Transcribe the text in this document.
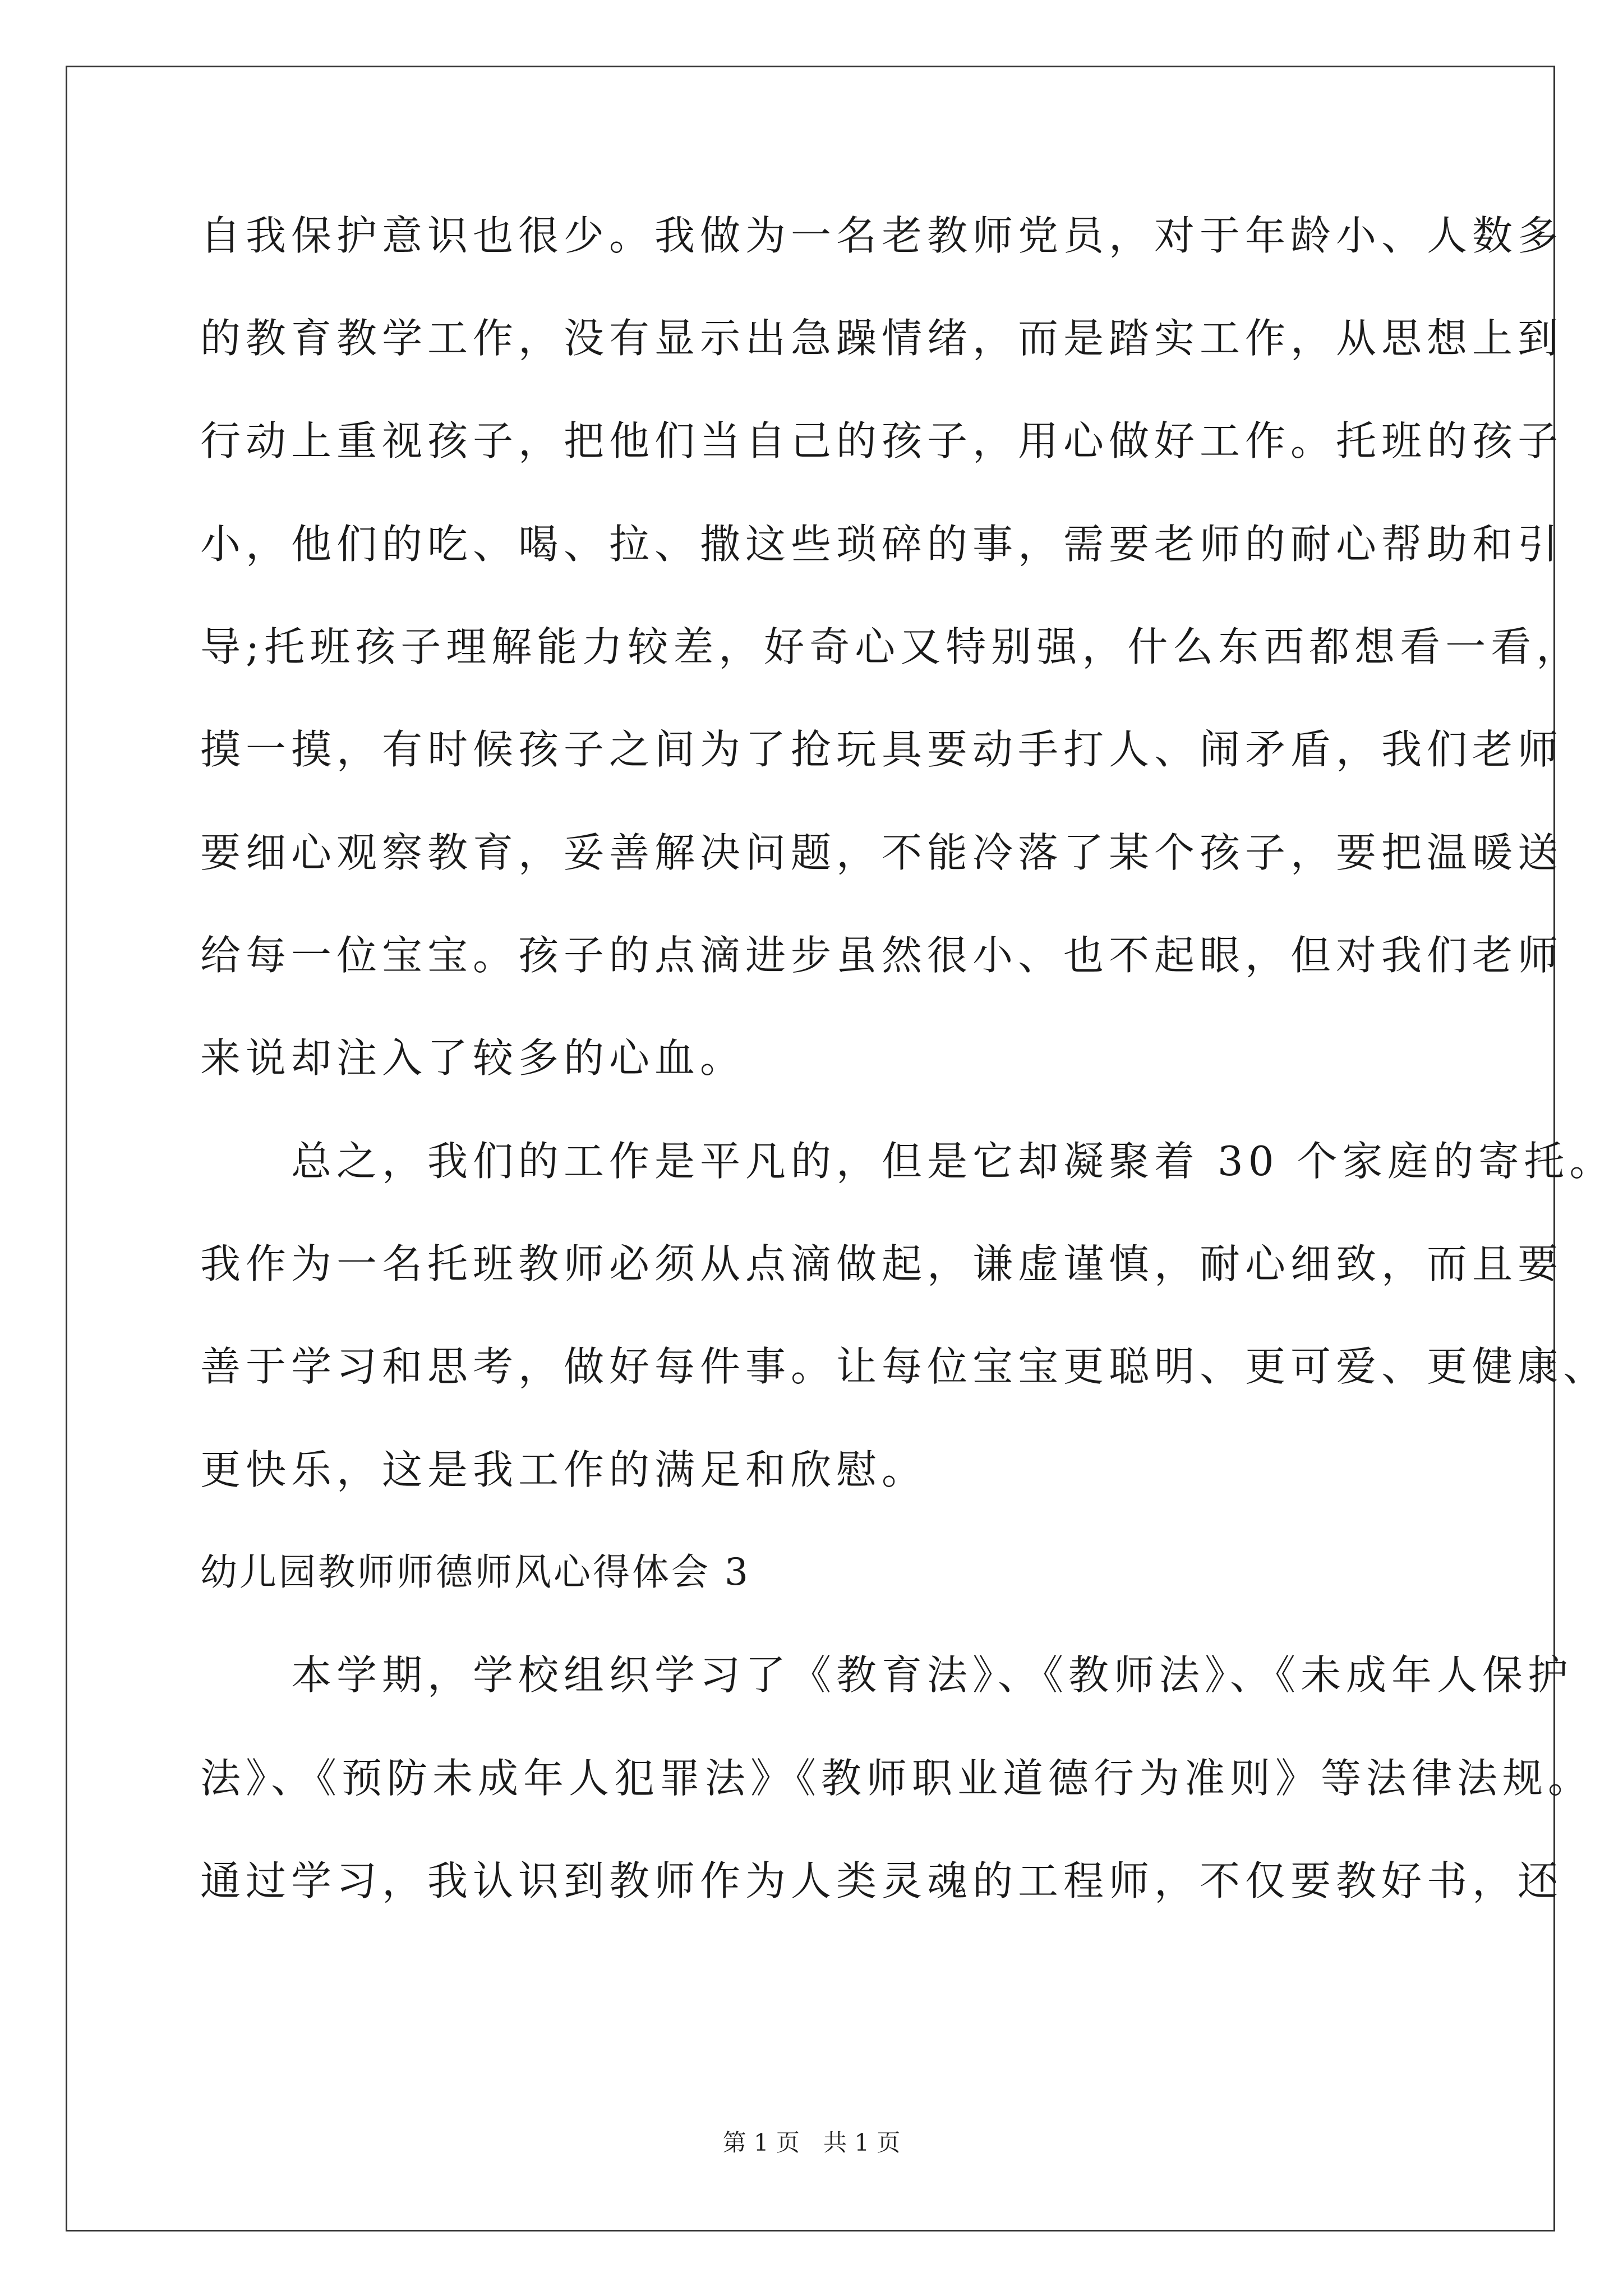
自我保护意识也很少。我做为一名老教师党员，对于年龄小、人数多
的教育教学工作，没有显示出急躁情绪，而是踏实工作，从思想上到
行动上重视孩子，把他们当自己的孩子，用心做好工作。托班的孩子
小，他们的吃、喝、拉、撒这些琐碎的事，需要老师的耐心帮助和引
导;托班孩子理解能力较差，好奇心又特别强，什么东西都想看一看，
摸一摸，有时候孩子之间为了抢玩具要动手打人、闹矛盾，我们老师
要细心观察教育，妥善解决问题，不能冷落了某个孩子，要把温暖送
给每一位宝宝。孩子的点滴进步虽然很小、也不起眼，但对我们老师
来说却注入了较多的心血。
　　总之，我们的工作是平凡的，但是它却凝聚着 30 个家庭的寄托。
我作为一名托班教师必须从点滴做起，谦虚谨慎，耐心细致，而且要
善于学习和思考，做好每件事。让每位宝宝更聪明、更可爱、更健康、
更快乐，这是我工作的满足和欣慰。
幼儿园教师师德师风心得体会 3
　　本学期，学校组织学习了《教育法》、《教师法》、《未成年人保护
法》、《预防未成年人犯罪法》《教师职业道德行为准则》等法律法规。
通过学习，我认识到教师作为人类灵魂的工程师，不仅要教好书，还
第 1 页　共 1 页
